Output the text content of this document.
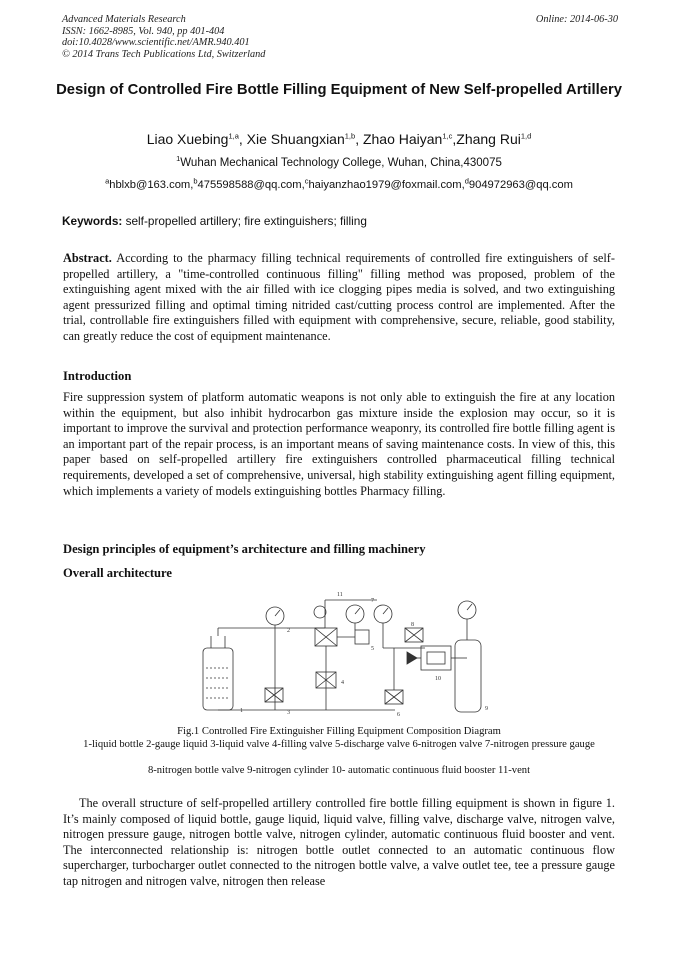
Advanced Materials Research
ISSN: 1662-8985, Vol. 940, pp 401-404
doi:10.4028/www.scientific.net/AMR.940.401
© 2014 Trans Tech Publications Ltd, Switzerland
Online: 2014-06-30
Design of Controlled Fire Bottle Filling Equipment of New Self-propelled Artillery
Liao Xuebing$^{1,a}$, Xie Shuangxian$^{1,b}$, Zhao Haiyan$^{1,c}$,Zhang Rui$^{1,d}$
$^1$Wuhan Mechanical Technology College, Wuhan, China,430075
$^a$hblxb@163.com,$^b$475598588@qq.com,$^c$haiyanzhao1979@foxmail.com,$^d$904972963@qq.com
Keywords: self-propelled artillery; fire extinguishers; filling
Abstract. According to the pharmacy filling technical requirements of controlled fire extinguishers of self-propelled artillery, a "time-controlled continuous filling" filling method was proposed, problem of the extinguishing agent mixed with the air filled with ice clogging pipes media is solved, and two extinguishing agent pressurized filling and optimal timing nitrided cast/cutting process control are implemented. After the trial, controllable fire extinguishers filled with equipment with comprehensive, secure, reliable, good stability, can greatly reduce the cost of equipment maintenance.
Introduction
Fire suppression system of platform automatic weapons is not only able to extinguish the fire at any location within the equipment, but also inhibit hydrocarbon gas mixture inside the explosion may occur, so it is important to improve the survival and protection performance weaponry, its controlled fire bottle filling agent is an important part of the repair process, is an important means of saving maintenance costs. In view of this, this paper based on self-propelled artillery fire extinguishers controlled pharmaceutical filling technical requirements, developed a set of comprehensive, universal, high stability extinguishing agent filling equipment, which implements a variety of models extinguishing bottles Pharmacy filling.
Design principles of equipment’s architecture and filling machinery
Overall architecture
1
2
3
4
5
6
7
8
9
10
11
Fig.1 Controlled Fire Extinguisher Filling Equipment Composition Diagram
1-liquid bottle 2-gauge liquid 3-liquid valve 4-filling valve 5-discharge valve 6-nitrogen valve 7-nitrogen pressure gauge
8-nitrogen bottle valve 9-nitrogen cylinder 10- automatic continuous fluid booster 11-vent
The overall structure of self-propelled artillery controlled fire bottle filling equipment is shown in figure 1. It’s mainly composed of liquid bottle, gauge liquid, liquid valve, filling valve, discharge valve, nitrogen valve, nitrogen pressure gauge, nitrogen bottle valve, nitrogen cylinder, automatic continuous fluid booster and vent. The interconnected relationship is: nitrogen bottle outlet connected to an automatic continuous flow supercharger, turbocharger outlet connected to the nitrogen bottle valve, a valve outlet tee, tee a pressure gauge tap nitrogen and nitrogen valve, nitrogen then release
